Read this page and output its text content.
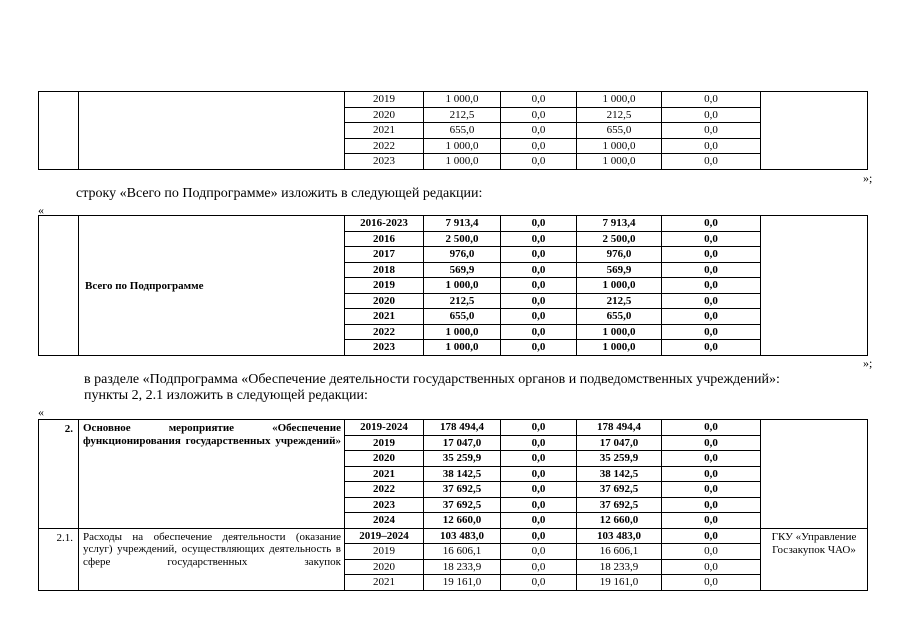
		2019	1 000,0	0,0	1 000,0	0,0	
		2020	212,5	0,0	212,5	0,0	
		2021	655,0	0,0	655,0	0,0	
		2022	1 000,0	0,0	1 000,0	0,0	
		2023	1 000,0	0,0	1 000,0	0,0	
»;
строку «Всего по Подпрограмме» изложить в следующей редакции:
«
	Всего по Подпрограмме	2016-2023	7 913,4	0,0	7 913,4	0,0	
		2016	2 500,0	0,0	2 500,0	0,0	
		2017	976,0	0,0	976,0	0,0	
		2018	569,9	0,0	569,9	0,0	
		2019	1 000,0	0,0	1 000,0	0,0	
		2020	212,5	0,0	212,5	0,0	
		2021	655,0	0,0	655,0	0,0	
		2022	1 000,0	0,0	1 000,0	0,0	
		2023	1 000,0	0,0	1 000,0	0,0	
»;
в разделе «Подпрограмма «Обеспечение деятельности государственных органов и подведомственных учреждений»:
пункты 2, 2.1 изложить в следующей редакции:
«
2.	Основное мероприятие «Обеспечение функционирования государственных учреждений»	2019-2024	178 494,4	0,0	178 494,4	0,0	
		2019	17 047,0	0,0	17 047,0	0,0	
		2020	35 259,9	0,0	35 259,9	0,0	
		2021	38 142,5	0,0	38 142,5	0,0	
		2022	37 692,5	0,0	37 692,5	0,0	
		2023	37 692,5	0,0	37 692,5	0,0	
		2024	12 660,0	0,0	12 660,0	0,0	
2.1.	Расходы на обеспечение деятельности (оказание услуг) учреждений, осуществляющих деятельность в сфере государственных закупок	2019–2024	103 483,0	0,0	103 483,0	0,0	ГКУ «Управление Госзакупок ЧАО»
		2019	16 606,1	0,0	16 606,1	0,0	
		2020	18 233,9	0,0	18 233,9	0,0	
		2021	19 161,0	0,0	19 161,0	0,0	
